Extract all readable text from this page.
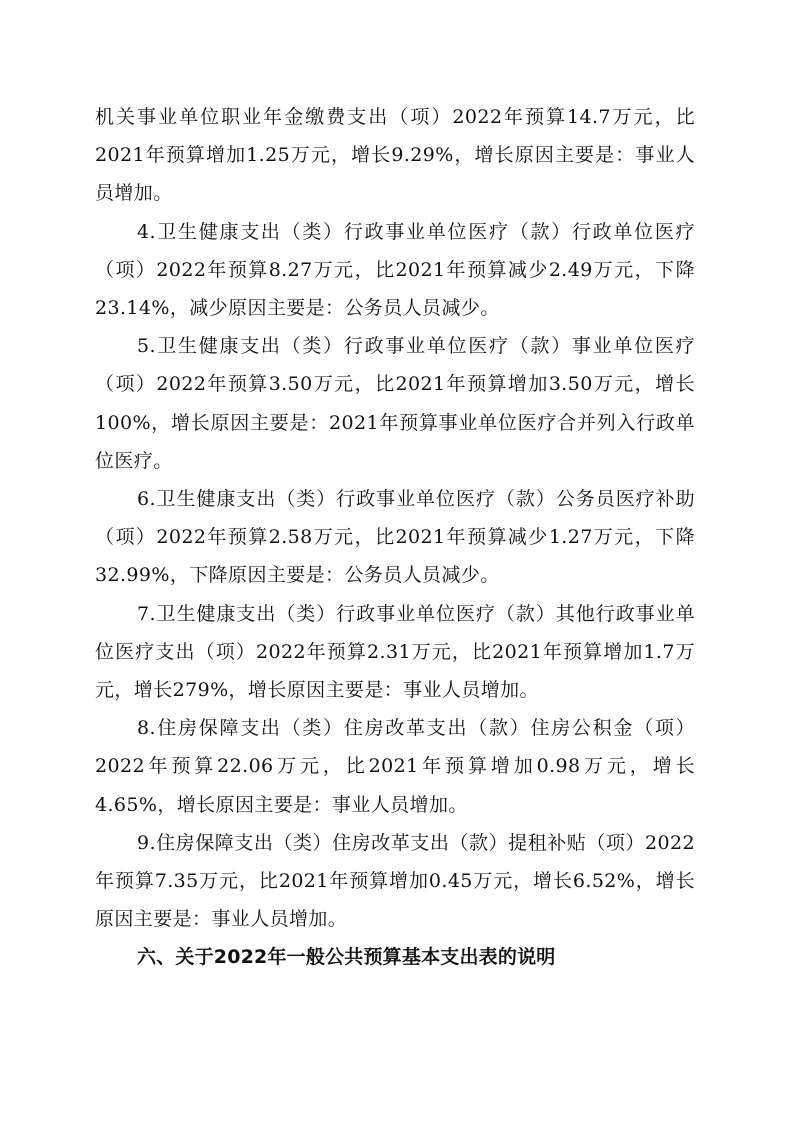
机关事业单位职业年金缴费支出（项）2022年预算14.7万元，比2021年预算增加1.25万元，增长9.29%，增长原因主要是：事业人员增加。

4.卫生健康支出（类）行政事业单位医疗（款）行政单位医疗（项）2022年预算8.27万元，比2021年预算减少2.49万元，下降23.14%，减少原因主要是：公务员人员减少。

5.卫生健康支出（类）行政事业单位医疗（款）事业单位医疗（项）2022年预算3.50万元，比2021年预算增加3.50万元，增长100%，增长原因主要是：2021年预算事业单位医疗合并列入行政单位医疗。

6.卫生健康支出（类）行政事业单位医疗（款）公务员医疗补助（项）2022年预算2.58万元，比2021年预算减少1.27万元，下降32.99%，下降原因主要是：公务员人员减少。

7.卫生健康支出（类）行政事业单位医疗（款）其他行政事业单位医疗支出（项）2022年预算2.31万元，比2021年预算增加1.7万元，增长279%，增长原因主要是：事业人员增加。

8.住房保障支出（类）住房改革支出（款）住房公积金（项）2022年预算22.06万元，比2021年预算增加0.98万元，增长4.65%，增长原因主要是：事业人员增加。

9.住房保障支出（类）住房改革支出（款）提租补贴（项）2022年预算7.35万元，比2021年预算增加0.45万元，增长6.52%，增长原因主要是：事业人员增加。

六、关于2022年一般公共预算基本支出表的说明
